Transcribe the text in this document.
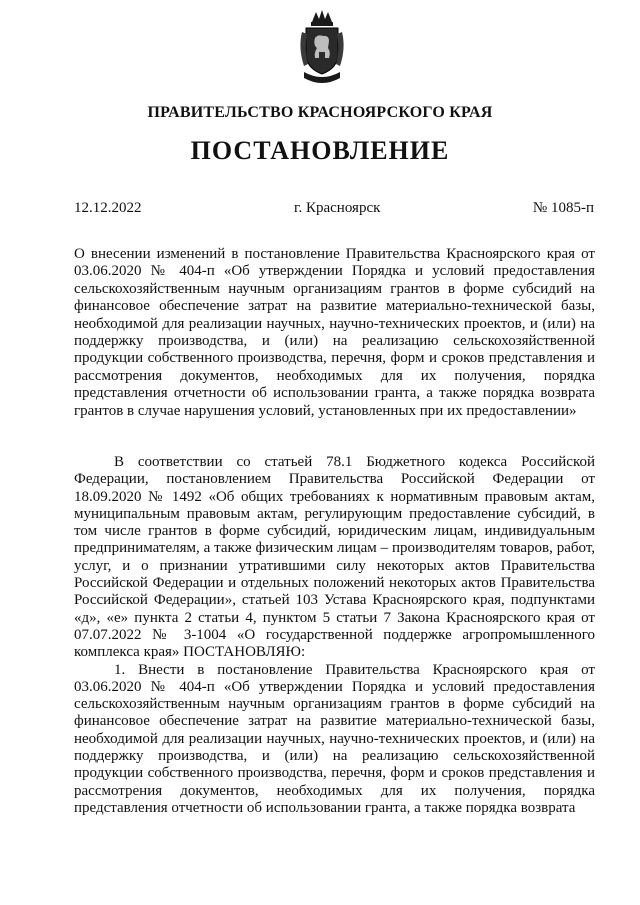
ПРАВИТЕЛЬСТВО КРАСНОЯРСКОГО КРАЯ
ПОСТАНОВЛЕНИЕ
12.12.2022	г. Красноярск	№ 1085-п
О внесении изменений в постановление Правительства Красноярского края от 03.06.2020 № 404-п «Об утверждении Порядка и условий предоставления сельскохозяйственным научным организациям грантов в форме субсидий на финансовое обеспечение затрат на развитие материально-технической базы, необходимой для реализации научных, научно-технических проектов, и (или) на поддержку производства, и (или) на реализацию сельскохозяйственной продукции собственного производства, перечня, форм и сроков представления и рассмотрения документов, необходимых для их получения, порядка представления отчетности об использовании гранта, а также порядка возврата грантов в случае нарушения условий, установленных при их предоставлении»

В соответствии со статьей 78.1 Бюджетного кодекса Российской Федерации, постановлением Правительства Российской Федерации от 18.09.2020 № 1492 «Об общих требованиях к нормативным правовым актам, муниципальным правовым актам, регулирующим предоставление субсидий, в том числе грантов в форме субсидий, юридическим лицам, индивидуальным предпринимателям, а также физическим лицам – производителям товаров, работ, услуг, и о признании утратившими силу некоторых актов Правительства Российской Федерации и отдельных положений некоторых актов Правительства Российской Федерации», статьей 103 Устава Красноярского края, подпунктами «д», «е» пункта 2 статьи 4, пунктом 5 статьи 7 Закона Красноярского края от 07.07.2022 № 3-1004 «О государственной поддержке агропромышленного комплекса края» ПОСТАНОВЛЯЮ:

1. Внести в постановление Правительства Красноярского края от 03.06.2020 № 404-п «Об утверждении Порядка и условий предоставления сельскохозяйственным научным организациям грантов в форме субсидий на финансовое обеспечение затрат на развитие материально-технической базы, необходимой для реализации научных, научно-технических проектов, и (или) на поддержку производства, и (или) на реализацию сельскохозяйственной продукции собственного производства, перечня, форм и сроков представления и рассмотрения документов, необходимых для их получения, порядка представления отчетности об использовании гранта, а также порядка возврата
